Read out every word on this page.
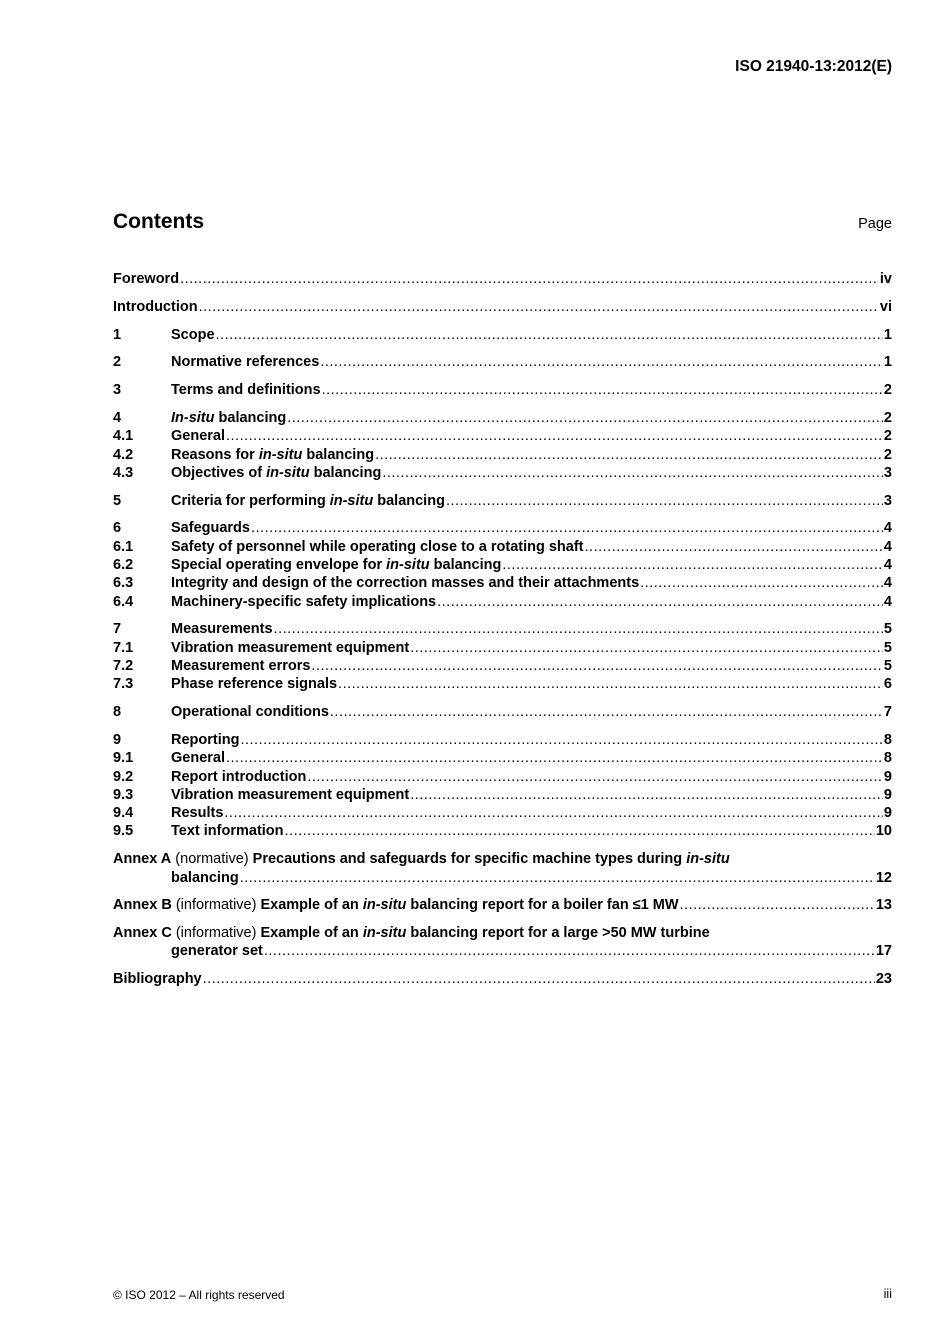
ISO 21940-13:2012(E)
Contents	Page
Foreword .....	iv
Introduction .....	vi
1	Scope .....	1
2	Normative references .....	1
3	Terms and definitions .....	2
4	In-situ balancing .....	2
4.1	General .....	2
4.2	Reasons for in-situ balancing .....	2
4.3	Objectives of in-situ balancing .....	3
5	Criteria for performing in-situ balancing .....	3
6	Safeguards .....	4
6.1	Safety of personnel while operating close to a rotating shaft .....	4
6.2	Special operating envelope for in-situ balancing .....	4
6.3	Integrity and design of the correction masses and their attachments .....	4
6.4	Machinery-specific safety implications .....	4
7	Measurements .....	5
7.1	Vibration measurement equipment .....	5
7.2	Measurement errors .....	5
7.3	Phase reference signals .....	6
8	Operational conditions .....	7
9	Reporting .....	8
9.1	General .....	8
9.2	Report introduction .....	9
9.3	Vibration measurement equipment .....	9
9.4	Results .....	9
9.5	Text information .....	10
Annex A (normative) Precautions and safeguards for specific machine types during in-situ
balancing .....	12
Annex B (informative) Example of an in-situ balancing report for a boiler fan ≤1 MW .....	13
Annex C (informative) Example of an in-situ balancing report for a large >50 MW turbine
generator set .....	17
Bibliography .....	23
© ISO 2012 – All rights reserved	iii
